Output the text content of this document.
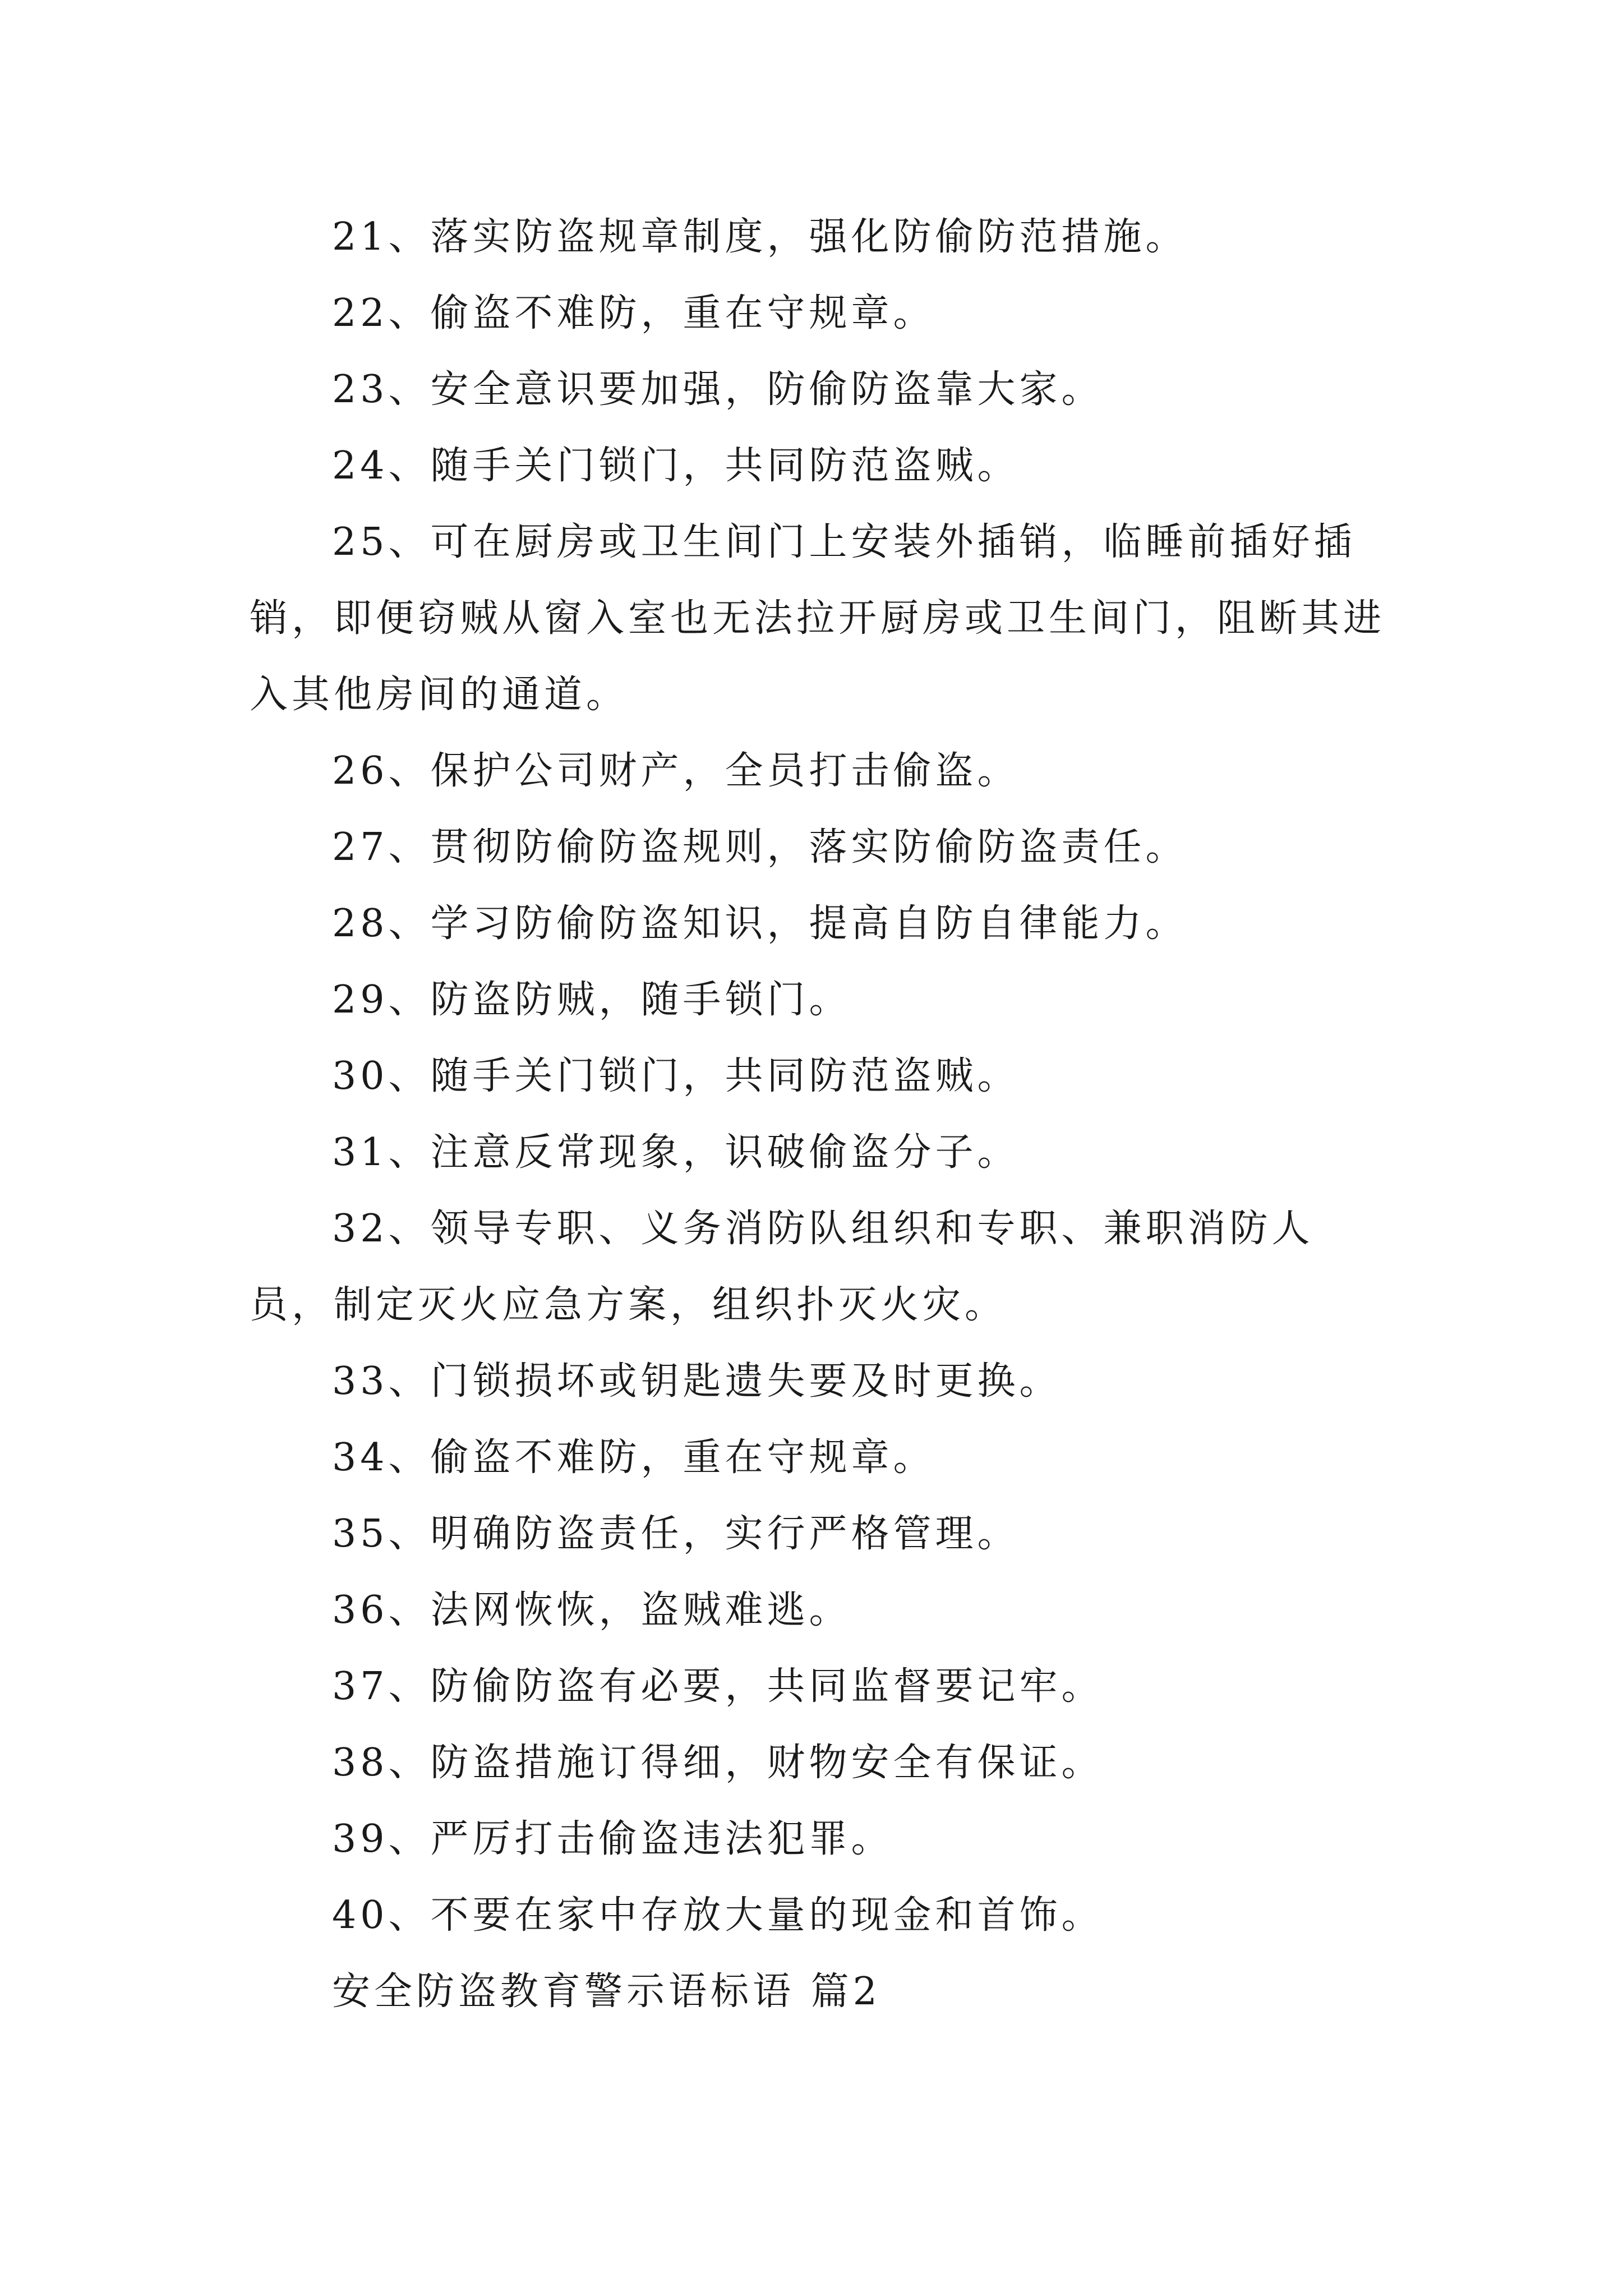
21、落实防盗规章制度，强化防偷防范措施。

22、偷盗不难防，重在守规章。

23、安全意识要加强，防偷防盗靠大家。

24、随手关门锁门，共同防范盗贼。

25、可在厨房或卫生间门上安装外插销，临睡前插好插销，即便窃贼从窗入室也无法拉开厨房或卫生间门，阻断其进入其他房间的通道。

26、保护公司财产，全员打击偷盗。

27、贯彻防偷防盗规则，落实防偷防盗责任。

28、学习防偷防盗知识，提高自防自律能力。

29、防盗防贼，随手锁门。

30、随手关门锁门，共同防范盗贼。

31、注意反常现象，识破偷盗分子。

32、领导专职、义务消防队组织和专职、兼职消防人员，制定灭火应急方案，组织扑灭火灾。

33、门锁损坏或钥匙遗失要及时更换。

34、偷盗不难防，重在守规章。

35、明确防盗责任，实行严格管理。

36、法网恢恢，盗贼难逃。

37、防偷防盗有必要，共同监督要记牢。

38、防盗措施订得细，财物安全有保证。

39、严厉打击偷盗违法犯罪。

40、不要在家中存放大量的现金和首饰。

安全防盗教育警示语标语 篇2
